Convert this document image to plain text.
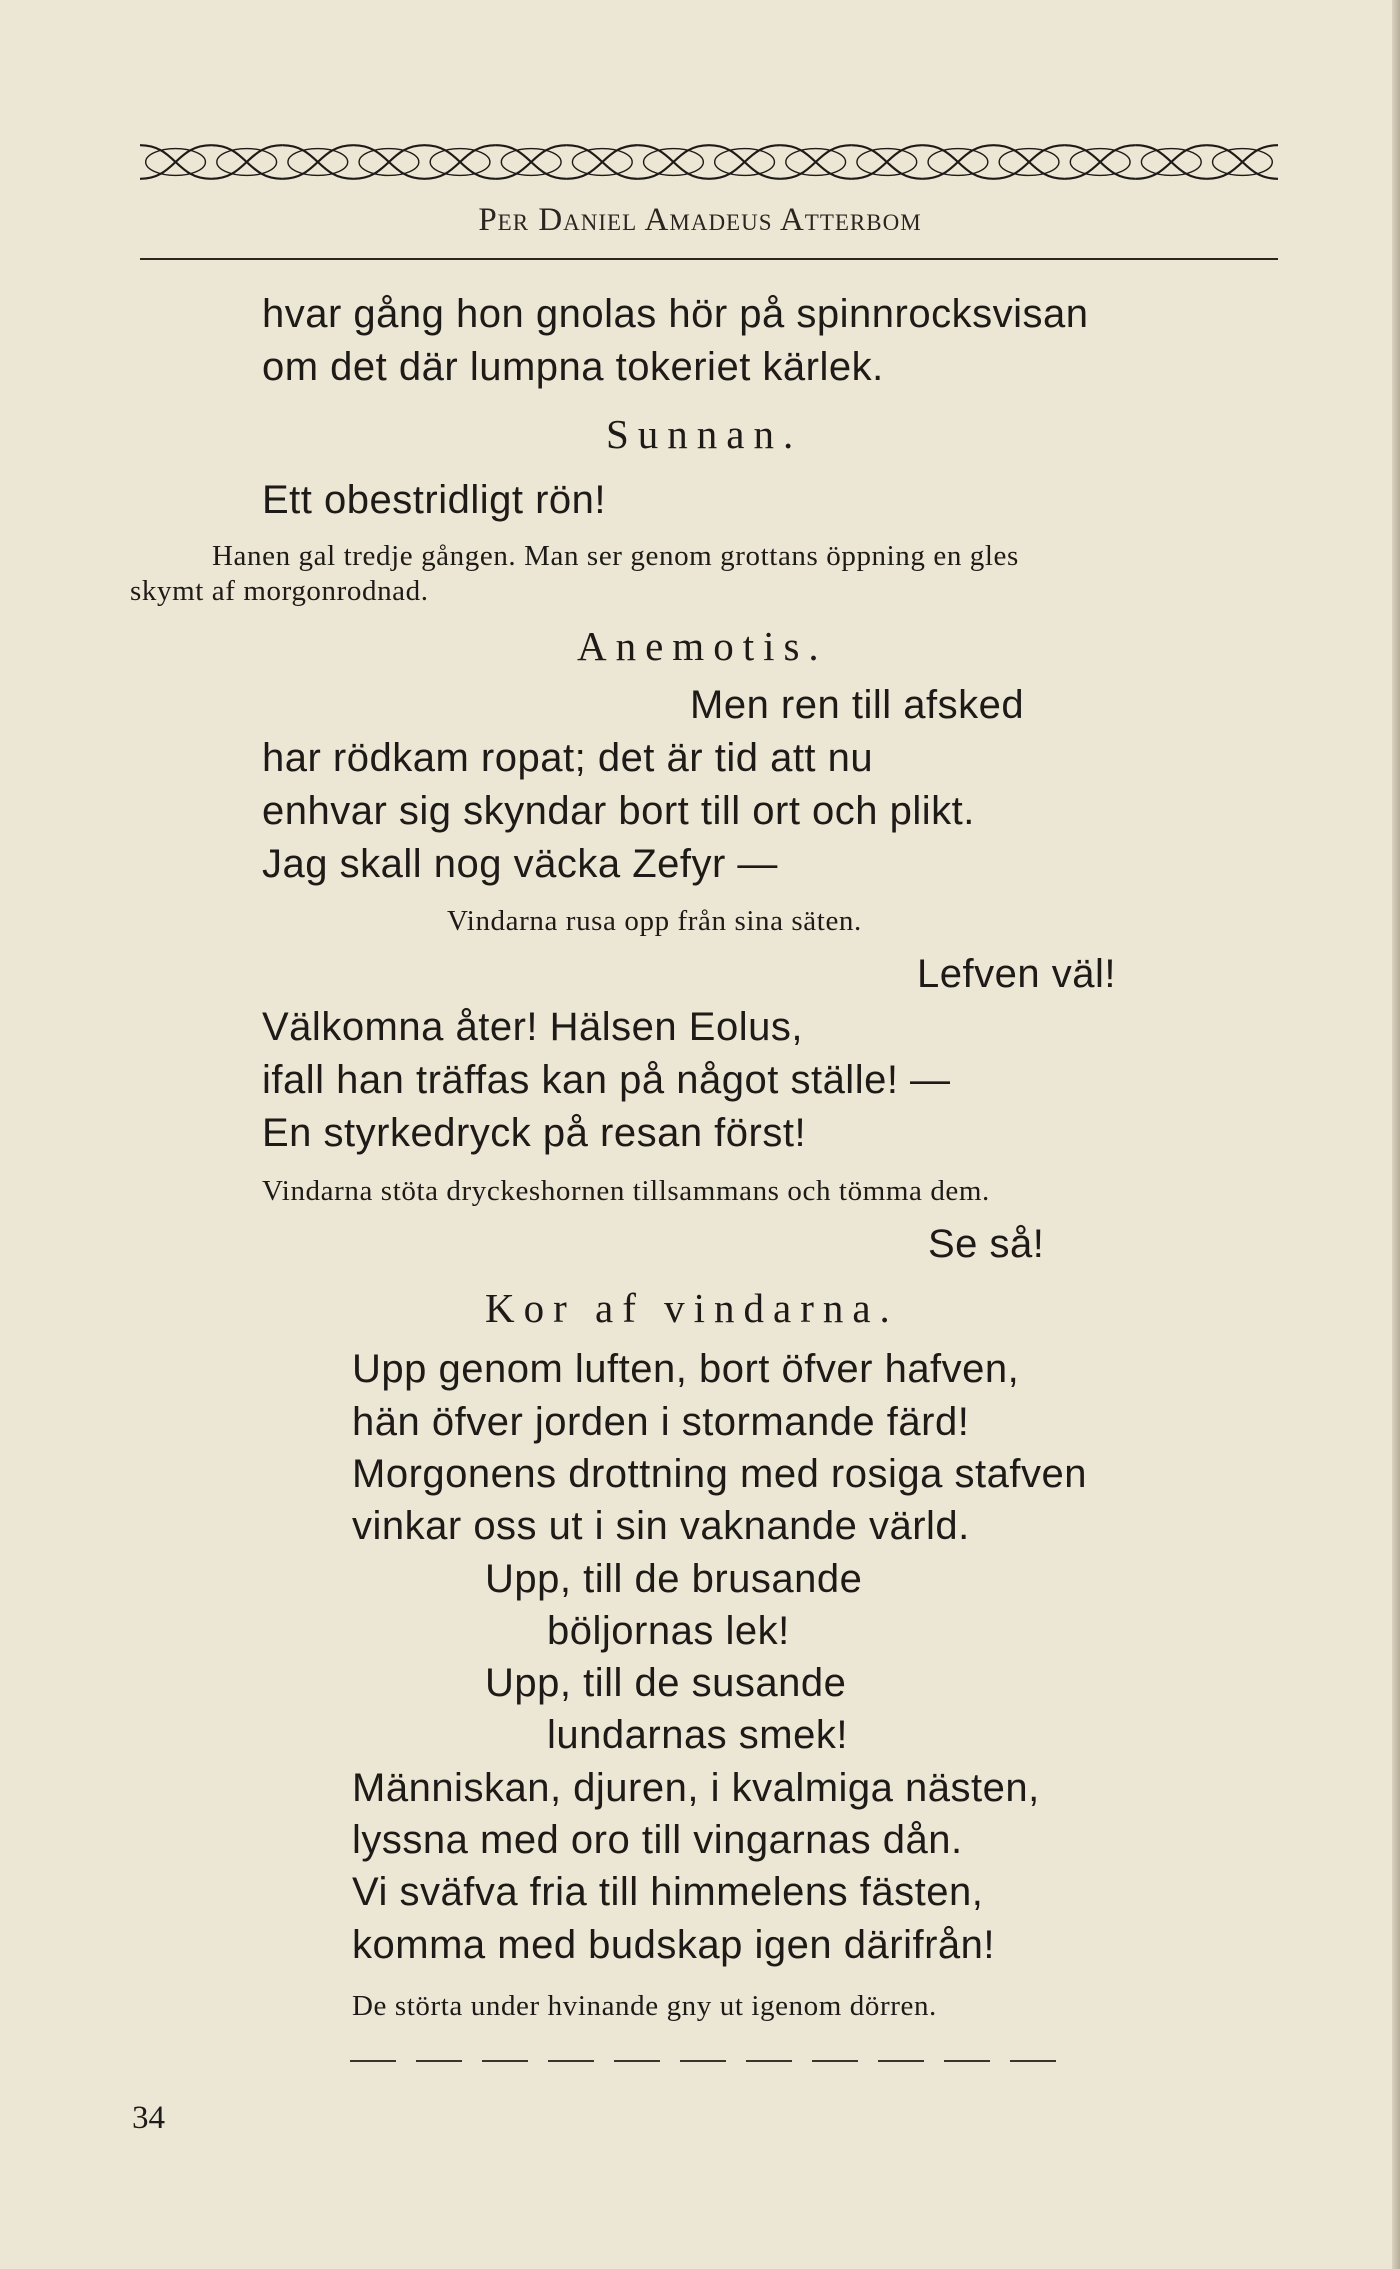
Per Daniel Amadeus Atterbom
hvar gång hon gnolas hör på spinnrocksvisan
om det där lumpna tokeriet kärlek.
Sunnan.
Ett obestridligt rön!
Hanen gal tredje gången. Man ser genom grottans öppning en gles
skymt af morgonrodnad.
Anemotis.
Men ren till afsked
har rödkam ropat; det är tid att nu
enhvar sig skyndar bort till ort och plikt.
Jag skall nog väcka Zefyr —
Vindarna rusa opp från sina säten.
Lefven väl!
Välkomna åter! Hälsen Eolus,
ifall han träffas kan på något ställe! —
En styrkedryck på resan först!
Vindarna stöta dryckeshornen tillsammans och tömma dem.
Se så!
Kor af vindarna.
Upp genom luften, bort öfver hafven,
hän öfver jorden i stormande färd!
Morgonens drottning med rosiga stafven
vinkar oss ut i sin vaknande värld.
Upp, till de brusande
böljornas lek!
Upp, till de susande
lundarnas smek!
Människan, djuren, i kvalmiga nästen,
lyssna med oro till vingarnas dån.
Vi sväfva fria till himmelens fästen,
komma med budskap igen därifrån!
De störta under hvinande gny ut igenom dörren.
34
